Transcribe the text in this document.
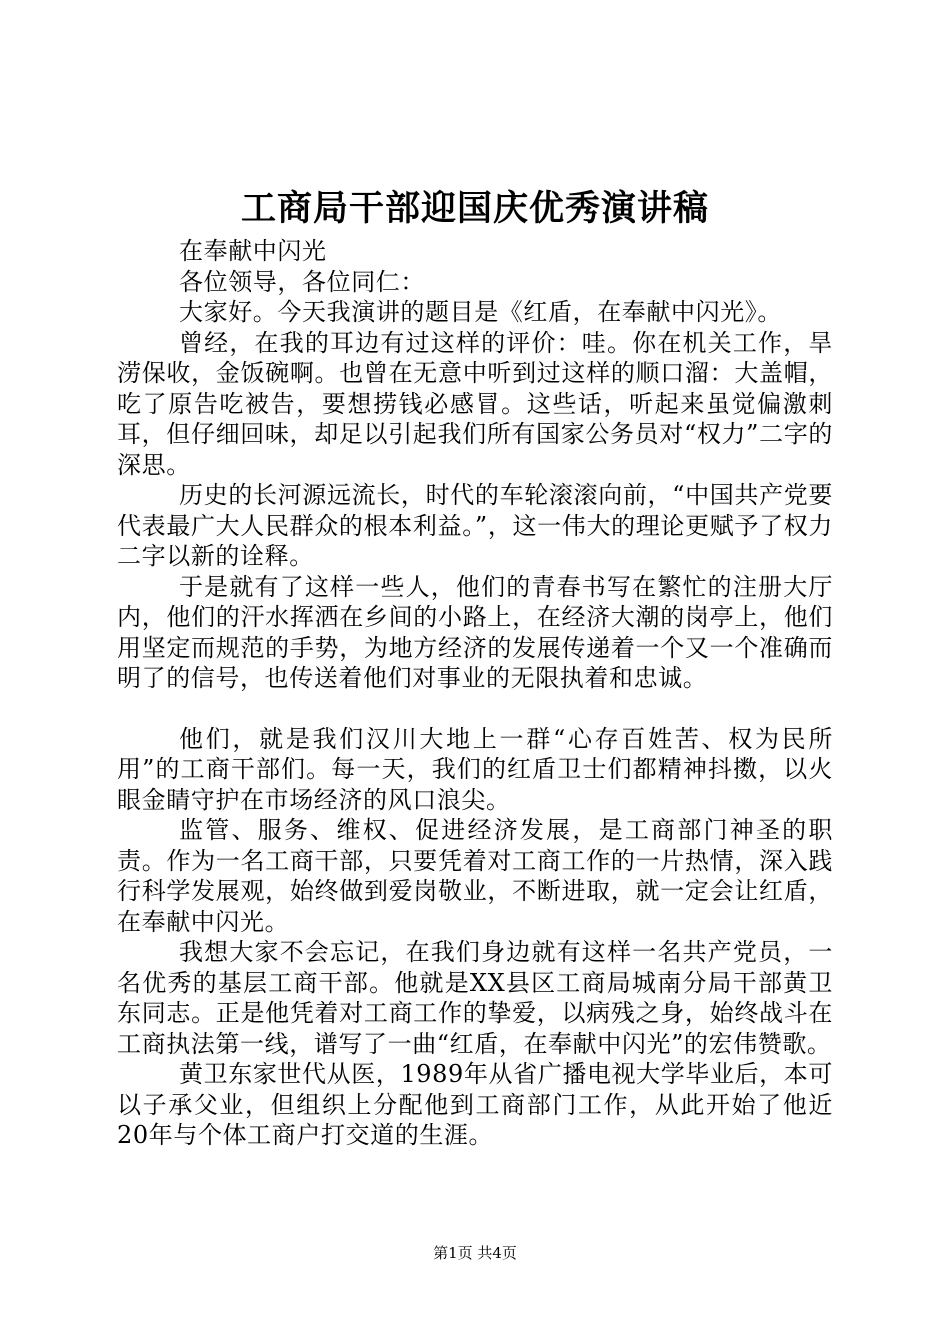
工商局干部迎国庆优秀演讲稿

在奉献中闪光

各位领导，各位同仁：

大家好。今天我演讲的题目是《红盾，在奉献中闪光》。

曾经，在我的耳边有过这样的评价：哇。你在机关工作，旱涝保收，金饭碗啊。也曾在无意中听到过这样的顺口溜：大盖帽，吃了原告吃被告，要想捞钱必感冒。这些话，听起来虽觉偏激刺耳，但仔细回味，却足以引起我们所有国家公务员对“权力”二字的深思。

历史的长河源远流长，时代的车轮滚滚向前，“中国共产党要代表最广大人民群众的根本利益。”，这一伟大的理论更赋予了权力二字以新的诠释。

于是就有了这样一些人，他们的青春书写在繁忙的注册大厅内，他们的汗水挥洒在乡间的小路上，在经济大潮的岗亭上，他们用坚定而规范的手势，为地方经济的发展传递着一个又一个准确而明了的信号，也传送着他们对事业的无限执着和忠诚。

他们，就是我们汉川大地上一群“心存百姓苦、权为民所用”的工商干部们。每一天，我们的红盾卫士们都精神抖擞，以火眼金睛守护在市场经济的风口浪尖。

监管、服务、维权、促进经济发展，是工商部门神圣的职责。作为一名工商干部，只要凭着对工商工作的一片热情，深入践行科学发展观，始终做到爱岗敬业，不断进取，就一定会让红盾，在奉献中闪光。

我想大家不会忘记，在我们身边就有这样一名共产党员，一名优秀的基层工商干部。他就是XX县区工商局城南分局干部黄卫东同志。正是他凭着对工商工作的挚爱，以病残之身，始终战斗在工商执法第一线，谱写了一曲“红盾，在奉献中闪光”的宏伟赞歌。

黄卫东家世代从医，1989年从省广播电视大学毕业后，本可以子承父业，但组织上分配他到工商部门工作，从此开始了他近20年与个体工商户打交道的生涯。

第1页 共4页
